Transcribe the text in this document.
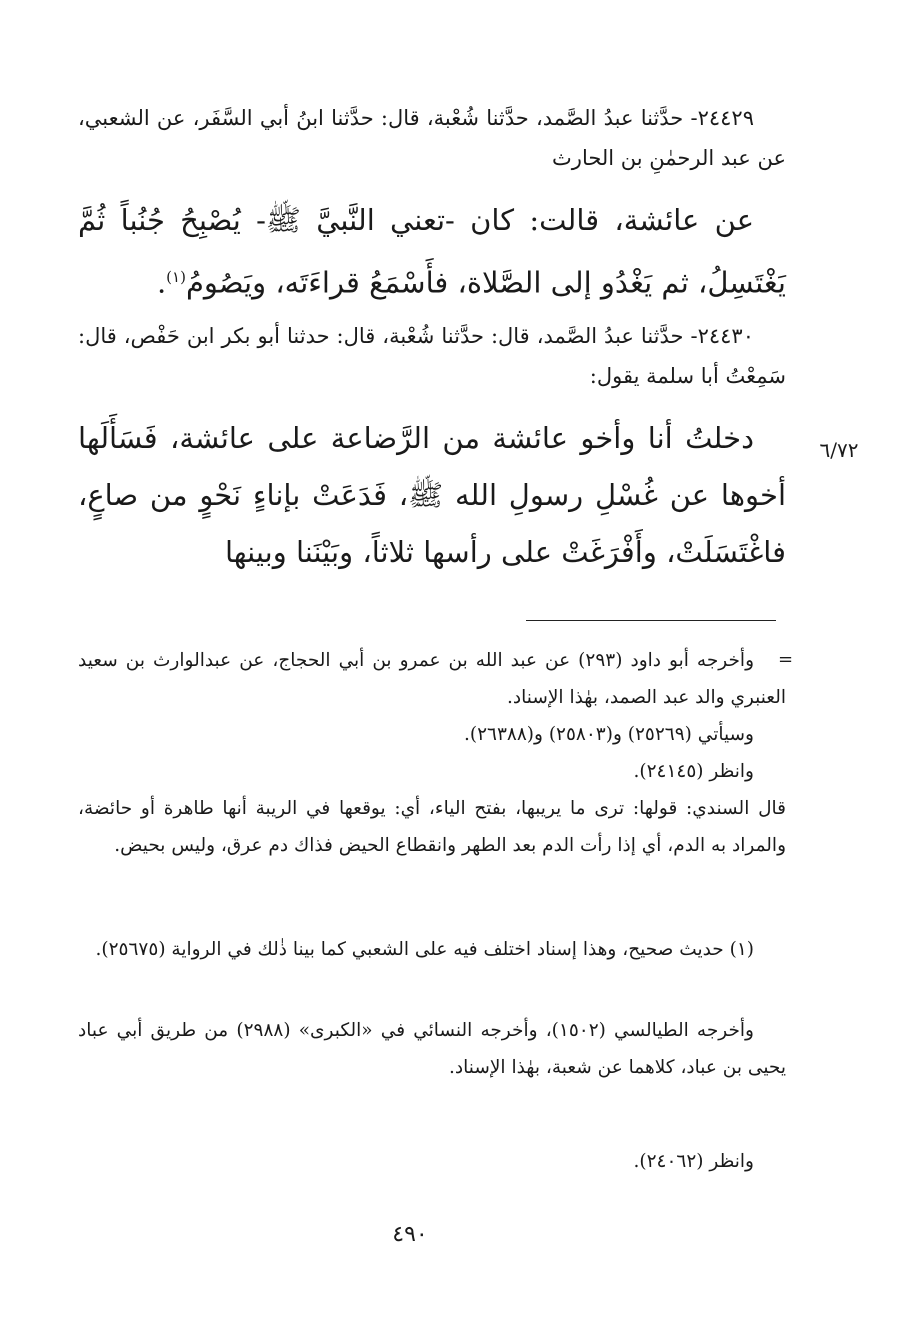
٢٤٤٢٩- حدَّثنا عبدُ الصَّمد، حدَّثنا شُعْبة، قال: حدَّثنا ابنُ أبي السَّفَر، عن الشعبي، عن عبد الرحمٰنِ بن الحارث

عن عائشة، قالت: كان -تعني النَّبيَّ ﷺ- يُصْبِحُ جُنُباً ثُمَّ يَغْتَسِلُ، ثم يَغْدُو إلى الصَّلاة، فأَسْمَعُ قراءَتَه، ويَصُومُ$^{(١)}$.

٢٤٤٣٠- حدَّثنا عبدُ الصَّمد، قال: حدَّثنا شُعْبة، قال: حدثنا أبو بكر ابن حَفْص، قال: سَمِعْتُ أبا سلمة يقول:

٦/٧٢

دخلتُ أنا وأخو عائشة من الرَّضاعة على عائشة، فَسَأَلَها أخوها عن غُسْلِ رسولِ الله ﷺ، فَدَعَتْ بإناءٍ نَحْوٍ من صاعٍ، فاغْتَسَلَتْ، وأَفْرَغَتْ على رأسها ثلاثاً، وبَيْنَنا وبينها

=

وأخرجه أبو داود (٢٩٣) عن عبد الله بن عمرو بن أبي الحجاج، عن عبدالوارث بن سعيد العنبري والد عبد الصمد، بهٰذا الإسناد.

وسيأتي (٢٥٢٦٩) و(٢٥٨٠٣) و(٢٦٣٨٨).

وانظر (٢٤١٤٥).

قال السندي: قولها: ترى ما يريبها، بفتح الياء، أي: يوقعها في الريبة أنها طاهرة أو حائضة، والمراد به الدم، أي إذا رأت الدم بعد الطهر وانقطاع الحيض فذاك دم عرق، وليس بحيض.

(١) حديث صحيح، وهذا إسناد اختلف فيه على الشعبي كما بينا ذٰلك في الرواية (٢٥٦٧٥).

وأخرجه الطيالسي (١٥٠٢)، وأخرجه النسائي في «الكبرى» (٢٩٨٨) من طريق أبي عباد يحيى بن عباد، كلاهما عن شعبة، بهٰذا الإسناد.

وانظر (٢٤٠٦٢).

٤٩٠
